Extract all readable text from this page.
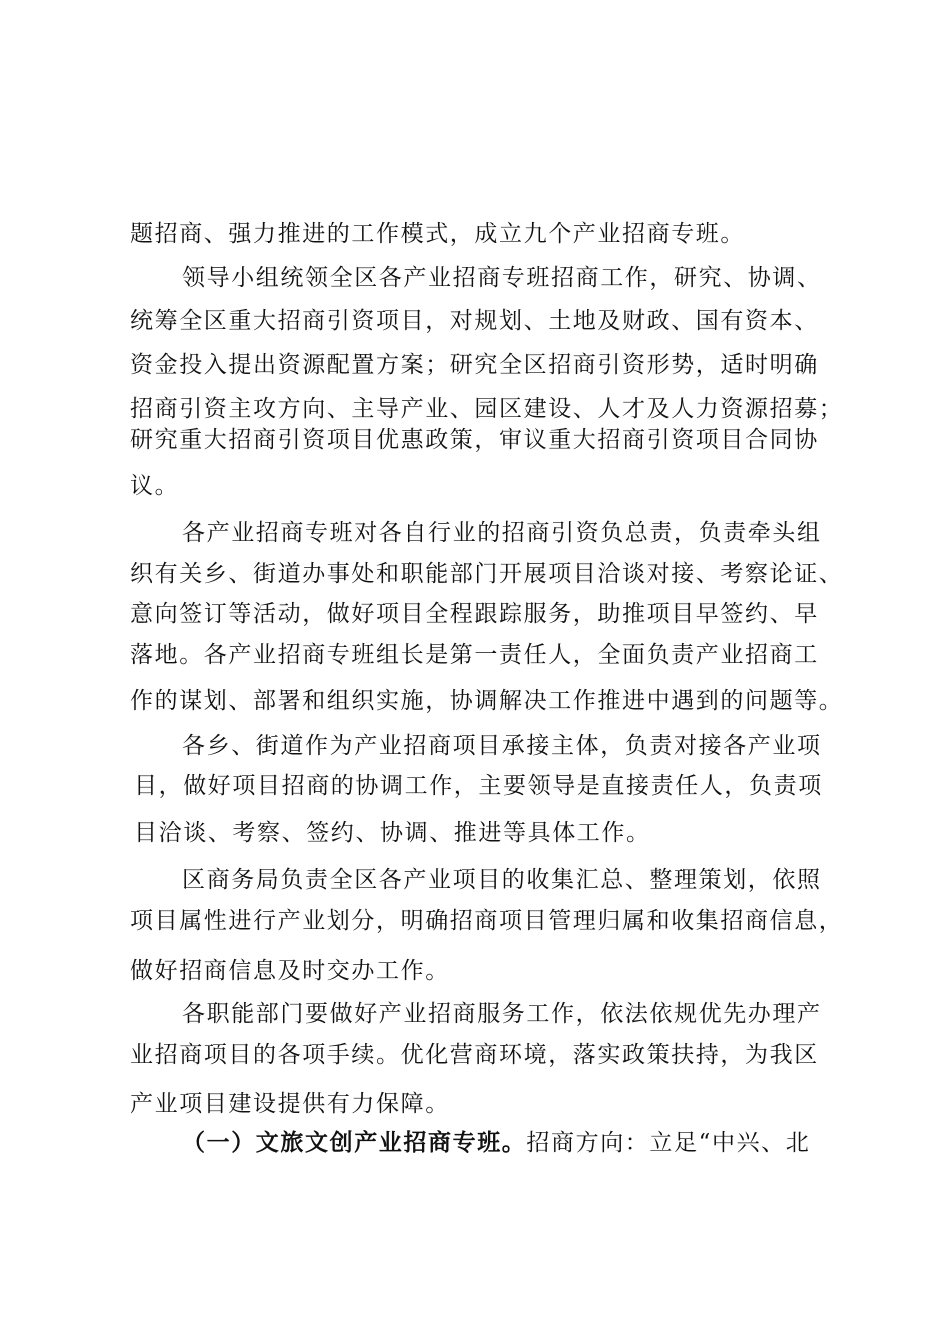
题招商、强力推进的工作模式，成立九个产业招商专班。
领导小组统领全区各产业招商专班招商工作，研究、协调、
统筹全区重大招商引资项目，对规划、土地及财政、国有资本、
资金投入提出资源配置方案；研究全区招商引资形势，适时明确
招商引资主攻方向、主导产业、园区建设、人才及人力资源招募；
研究重大招商引资项目优惠政策，审议重大招商引资项目合同协
议。
各产业招商专班对各自行业的招商引资负总责，负责牵头组
织有关乡、街道办事处和职能部门开展项目洽谈对接、考察论证、
意向签订等活动，做好项目全程跟踪服务，助推项目早签约、早
落地。各产业招商专班组长是第一责任人，全面负责产业招商工
作的谋划、部署和组织实施，协调解决工作推进中遇到的问题等。
各乡、街道作为产业招商项目承接主体，负责对接各产业项
目，做好项目招商的协调工作，主要领导是直接责任人，负责项
目洽谈、考察、签约、协调、推进等具体工作。
区商务局负责全区各产业项目的收集汇总、整理策划，依照
项目属性进行产业划分，明确招商项目管理归属和收集招商信息，
做好招商信息及时交办工作。
各职能部门要做好产业招商服务工作，依法依规优先办理产
业招商项目的各项手续。优化营商环境，落实政策扶持，为我区
产业项目建设提供有力保障。
（一）文旅文创产业招商专班。招商方向：立足“中兴、北
